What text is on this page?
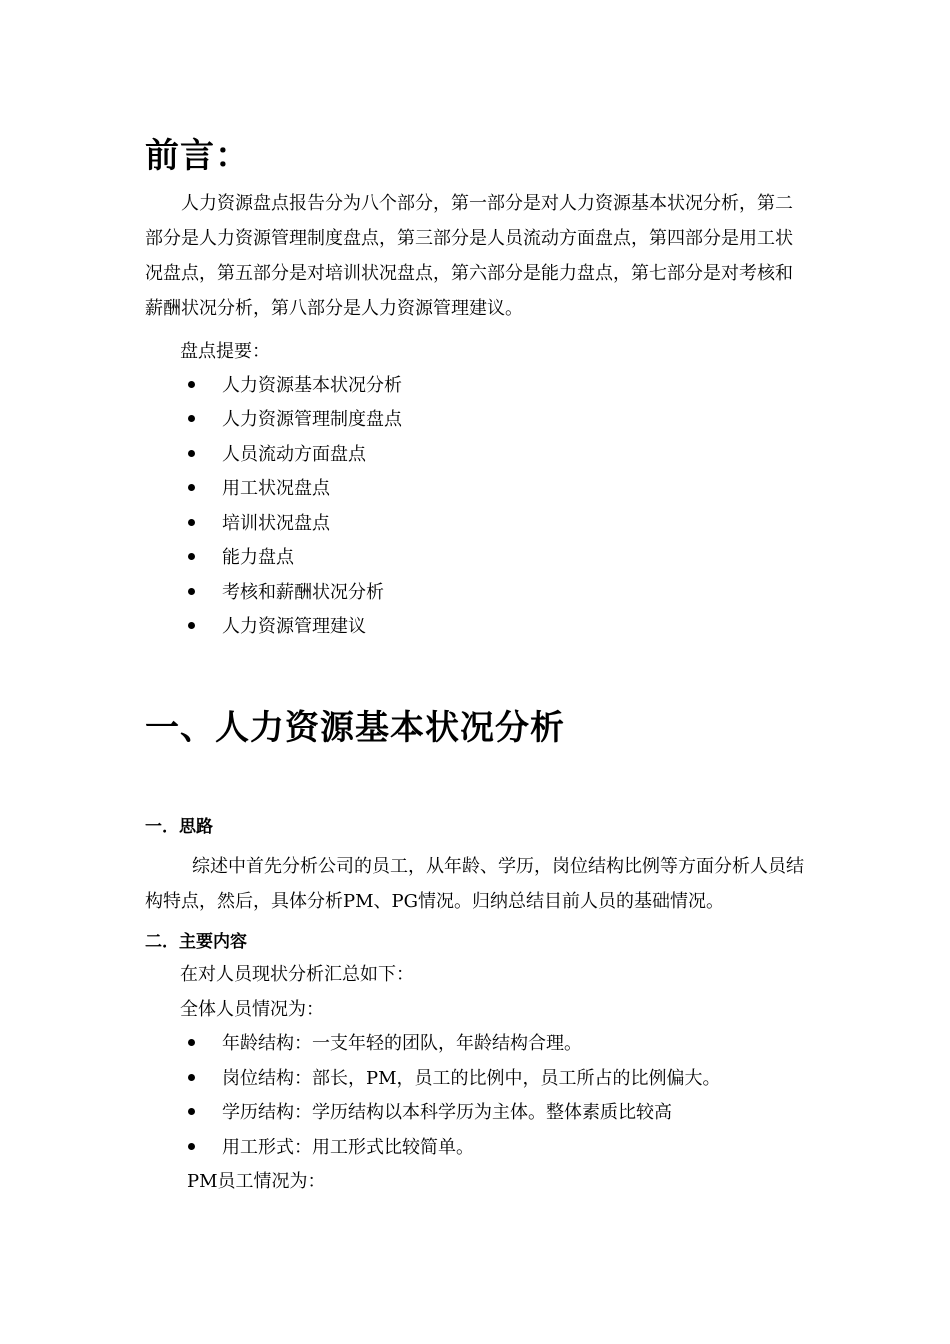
前言：
人力资源盘点报告分为八个部分，第一部分是对人力资源基本状况分析，第二部分是人力资源管理制度盘点，第三部分是人员流动方面盘点，第四部分是用工状况盘点，第五部分是对培训状况盘点，第六部分是能力盘点，第七部分是对考核和薪酬状况分析，第八部分是人力资源管理建议。
盘点提要：
人力资源基本状况分析
人力资源管理制度盘点
人员流动方面盘点
用工状况盘点
培训状况盘点
能力盘点
考核和薪酬状况分析
人力资源管理建议
一、人力资源基本状况分析
一．思路
综述中首先分析公司的员工，从年龄、学历，岗位结构比例等方面分析人员结构特点，然后，具体分析PM、PG情况。归纳总结目前人员的基础情况。
二．主要内容
在对人员现状分析汇总如下：
全体人员情况为：
年龄结构：一支年轻的团队，年龄结构合理。
岗位结构：部长，PM，员工的比例中，员工所占的比例偏大。
学历结构：学历结构以本科学历为主体。整体素质比较高
用工形式：用工形式比较简单。
PM员工情况为：
